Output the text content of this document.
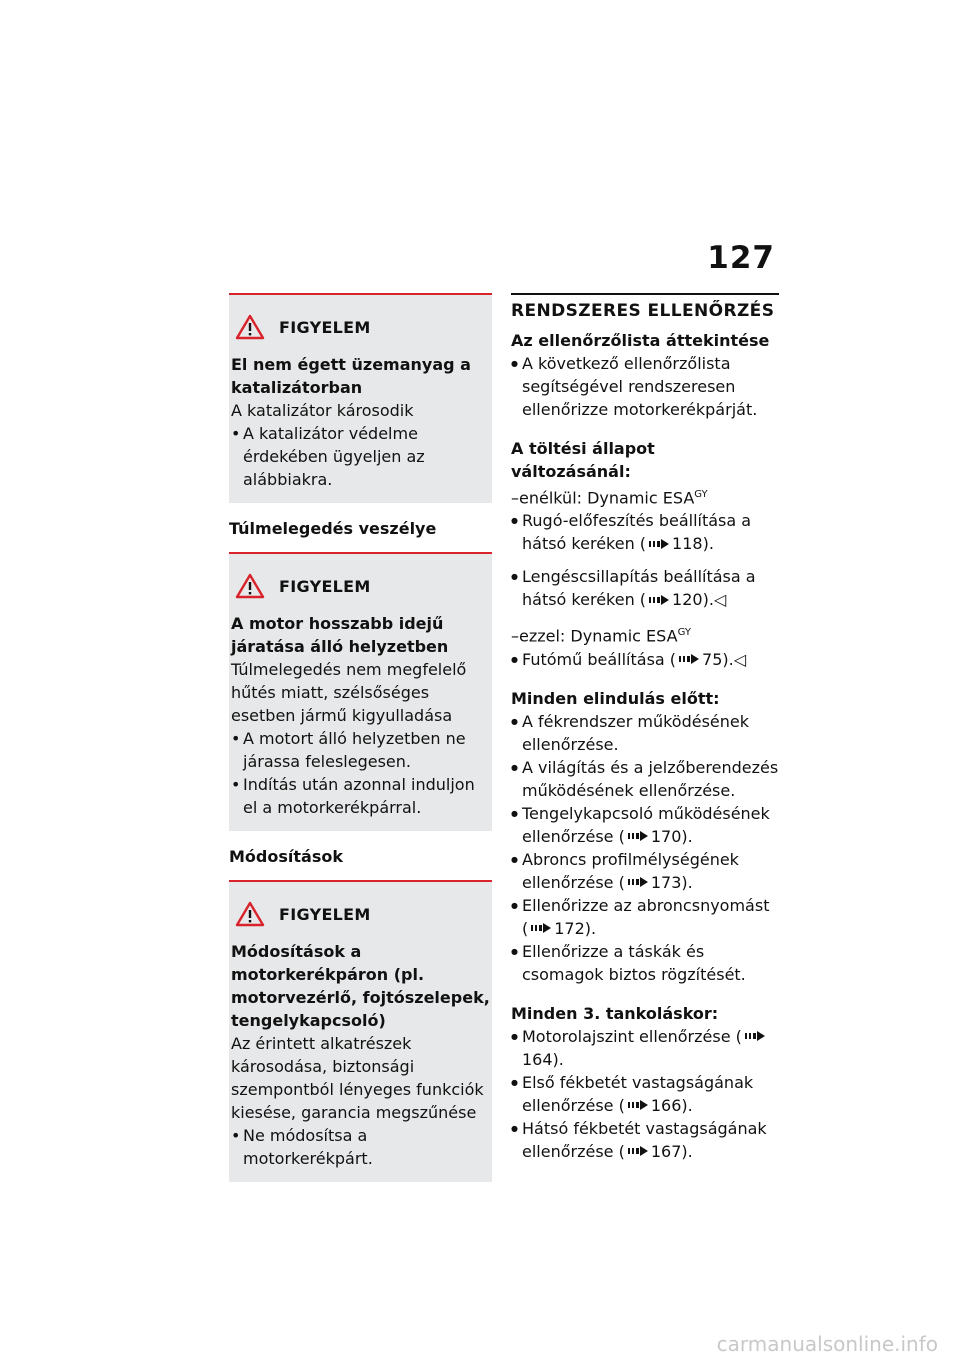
127
FIGYELEM
El nem égett üzemanyag a katalizátorban
A katalizátor károsodik
• A katalizátor védelme érdekében ügyeljen az alábbiakra.
Túlmelegedés veszélye
FIGYELEM
A motor hosszabb idejű járatása álló helyzetben
Túlmelegedés nem megfelelő hűtés miatt, szélsőséges esetben jármű kigyulladása
• A motort álló helyzetben ne járassa feleslegesen.
• Indítás után azonnal induljon el a motorkerékpárral.
Módosítások
FIGYELEM
Módosítások a motorkerékpáron (pl. motorvezérlő, fojtószelepek, tengelykapcsoló)
Az érintett alkatrészek károsodása, biztonsági szempontból lényeges funkciók kiesése, garancia megszűnése
• Ne módosítsa a motorkerékpárt.
RENDSZERES ELLENŐRZÉS
Az ellenőrzőlista áttekintése
● A következő ellenőrzőlista segítségével rendszeresen ellenőrizze motorkerékpárját.
A töltési állapot változásánál:
–enélkül: Dynamic $ESA^{GY}$
● Rugó-előfeszítés beállítása a hátsó keréken ( 118).
● Lengéscsillapítás beállítása a hátsó keréken ( 120).◁
–ezzel: Dynamic $ESA^{GY}$
● Futómű beállítása ( 75).◁
Minden elindulás előtt:
● A fékrendszer működésének ellenőrzése.
● A világítás és a jelzőberendezés működésének ellenőrzése.
● Tengelykapcsoló működésének ellenőrzése ( 170).
● Abroncs profilmélységének ellenőrzése ( 173).
● Ellenőrizze az abroncsnyomást ( 172).
● Ellenőrizze a táskák és csomagok biztos rögzítését.
Minden 3. tankoláskor:
● Motorolajszint ellenőrzése (164).
● Első fékbetét vastagságának ellenőrzése ( 166).
● Hátsó fékbetét vastagságának ellenőrzése ( 167).
carmanualsonline.info
